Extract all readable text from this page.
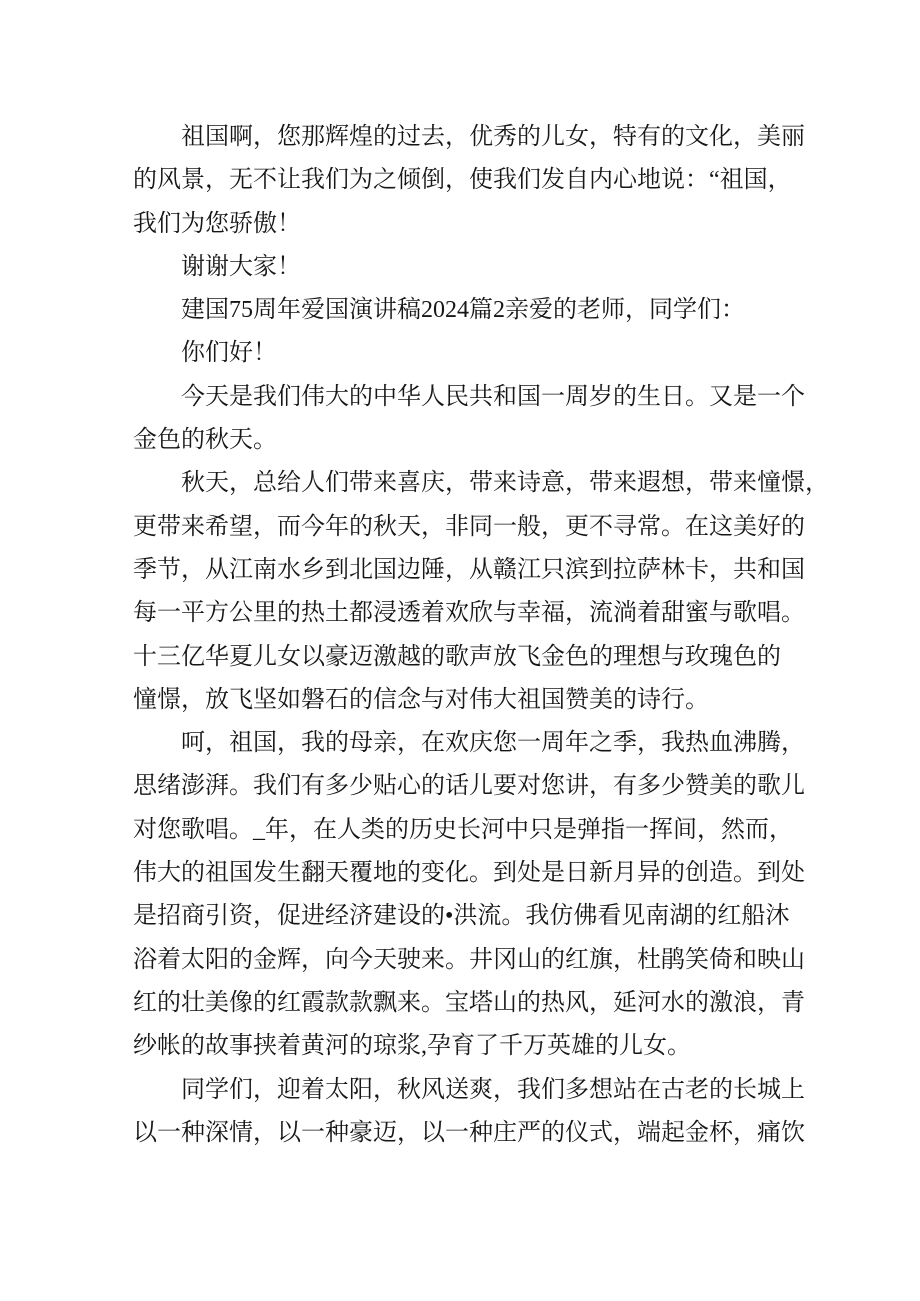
祖国啊，您那辉煌的过去，优秀的儿女，特有的文化，美丽
的风景，无不让我们为之倾倒，使我们发自内心地说：“祖国，
我们为您骄傲！
谢谢大家！
建国75周年爱国演讲稿2024篇2亲爱的老师，同学们：
你们好！
今天是我们伟大的中华人民共和国一周岁的生日。又是一个
金色的秋天。
秋天，总给人们带来喜庆，带来诗意，带来遐想，带来憧憬，
更带来希望，而今年的秋天，非同一般，更不寻常。在这美好的
季节，从江南水乡到北国边陲，从赣江只滨到拉萨林卡，共和国
每一平方公里的热土都浸透着欢欣与幸福，流淌着甜蜜与歌唱。
十三亿华夏儿女以豪迈激越的歌声放飞金色的理想与玫瑰色的
憧憬，放飞坚如磐石的信念与对伟大祖国赞美的诗行。
呵，祖国，我的母亲，在欢庆您一周年之季，我热血沸腾，
思绪澎湃。我们有多少贴心的话儿要对您讲，有多少赞美的歌儿
对您歌唱。_年，在人类的历史长河中只是弹指一挥间，然而，
伟大的祖国发生翻天覆地的变化。到处是日新月异的创造。到处
是招商引资，促进经济建设的•洪流。我仿佛看见南湖的红船沐
浴着太阳的金辉，向今天驶来。井冈山的红旗，杜鹃笑倚和映山
红的壮美像的红霞款款飘来。宝塔山的热风，延河水的激浪，青
纱帐的故事挟着黄河的琼浆,孕育了千万英雄的儿女。
同学们，迎着太阳，秋风送爽，我们多想站在古老的长城上
以一种深情，以一种豪迈，以一种庄严的仪式，端起金杯，痛饮
